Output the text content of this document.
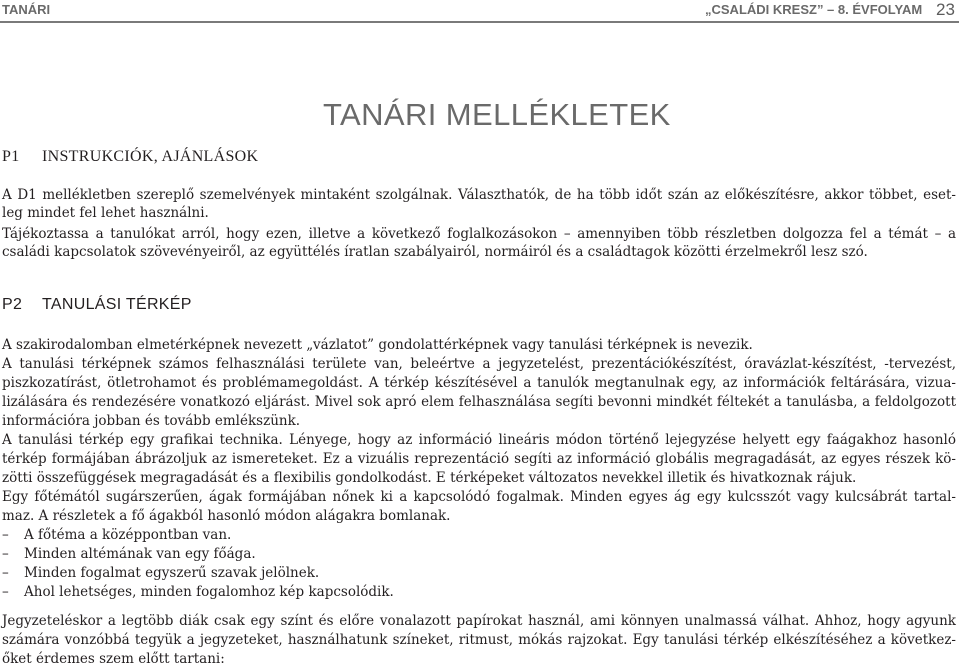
TANÁRI	„CSALÁDI KRESZ” – 8. ÉVFOLYAM 23
TANÁRI MELLÉKLETEK
P1 INSTRUKCIÓK, AJÁNLÁSOK
A D1 mellékletben szereplő szemelvények mintaként szolgálnak. Választhatók, de ha több időt szán az előkészítésre, akkor többet, eset-
leg mindet fel lehet használni.
Tájékoztassa a tanulókat arról, hogy ezen, illetve a következő foglalkozásokon – amennyiben több részletben dolgozza fel a témát – a
családi kapcsolatok szövevényeiről, az együttélés íratlan szabályairól, normáiról és a családtagok közötti érzelmekről lesz szó.
P2 TANULÁSI TÉRKÉP
A szakirodalomban elmetérképnek nevezett „vázlatot” gondolattérképnek vagy tanulási térképnek is nevezik.
A tanulási térképnek számos felhasználási területe van, beleértve a jegyzetelést, prezentációkészítést, óravázlat-készítést, -tervezést,
piszkozatírást, ötletrohamot és problémamegoldást. A térkép készítésével a tanulók megtanulnak egy, az információk feltárására, vizua-
lizálására és rendezésére vonatkozó eljárást. Mivel sok apró elem felhasználása segíti bevonni mindkét féltekét a tanulásba, a feldolgozott
információra jobban és tovább emlékszünk.
A tanulási térkép egy grafikai technika. Lényege, hogy az információ lineáris módon történő lejegyzése helyett egy faágakhoz hasonló
térkép formájában ábrázoljuk az ismereteket. Ez a vizuális reprezentáció segíti az információ globális megragadását, az egyes részek kö-
zötti összefüggések megragadását és a flexibilis gondolkodást. E térképeket változatos nevekkel illetik és hivatkoznak rájuk.
Egy főtémától sugárszerűen, ágak formájában nőnek ki a kapcsolódó fogalmak. Minden egyes ág egy kulcsszót vagy kulcsábrát tartal-
maz. A részletek a fő ágakból hasonló módon alágakra bomlanak.
– A főtéma a középpontban van.
– Minden altémának van egy főága.
– Minden fogalmat egyszerű szavak jelölnek.
– Ahol lehetséges, minden fogalomhoz kép kapcsolódik.
Jegyzeteléskor a legtöbb diák csak egy színt és előre vonalazott papírokat használ, ami könnyen unalmassá válhat. Ahhoz, hogy agyunk
számára vonzóbbá tegyük a jegyzeteket, használhatunk színeket, ritmust, mókás rajzokat. Egy tanulási térkép elkészítéséhez a következ-
őket érdemes szem előtt tartani:
